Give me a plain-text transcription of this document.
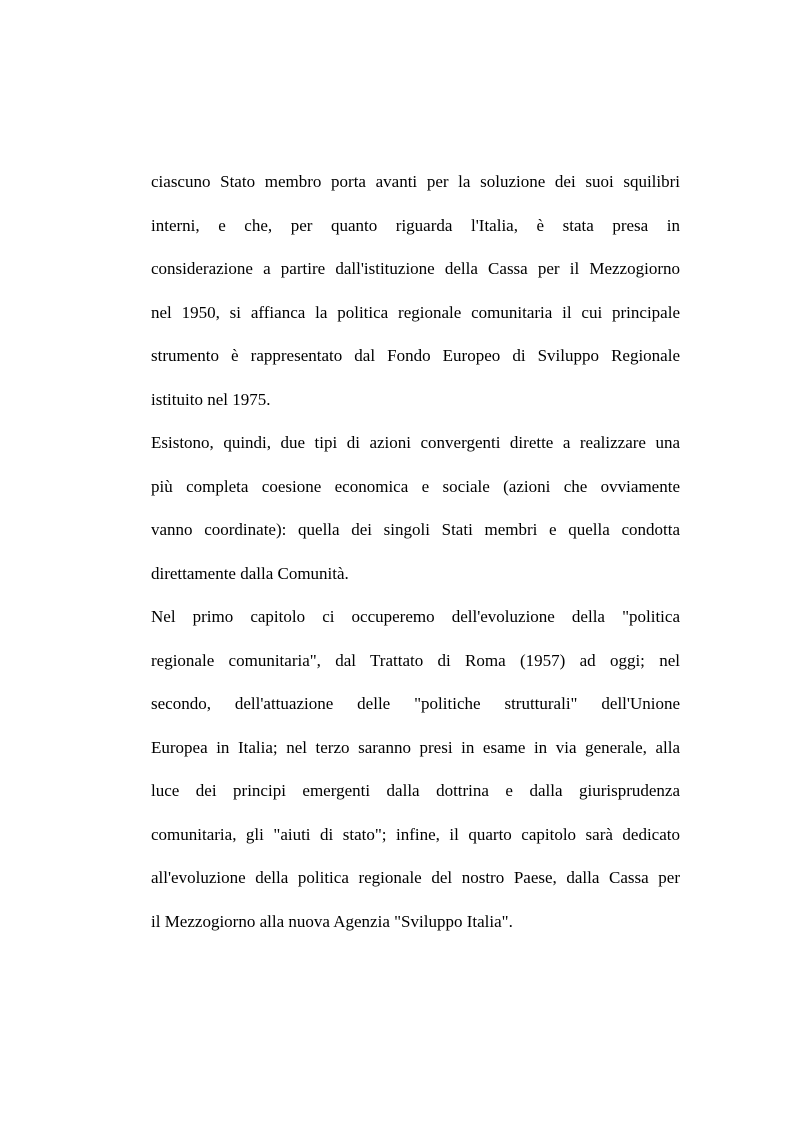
ciascuno Stato membro porta avanti per la soluzione dei suoi squilibri
interni, e che, per quanto riguarda l'Italia, è stata presa in
considerazione a partire dall'istituzione della Cassa per il Mezzogiorno
nel 1950, si affianca la politica regionale comunitaria il cui principale
strumento è rappresentato dal Fondo Europeo di Sviluppo Regionale
istituito nel 1975.
Esistono, quindi, due tipi di azioni convergenti dirette a realizzare una
più completa coesione economica e sociale (azioni che ovviamente
vanno coordinate): quella dei singoli Stati membri e quella condotta
direttamente dalla Comunità.
Nel primo capitolo ci occuperemo dell'evoluzione della "politica
regionale comunitaria", dal Trattato di Roma (1957) ad oggi; nel
secondo, dell'attuazione delle "politiche strutturali" dell'Unione
Europea in Italia; nel terzo saranno presi in esame in via generale, alla
luce dei principi emergenti dalla dottrina e dalla giurisprudenza
comunitaria, gli "aiuti di stato"; infine, il quarto capitolo sarà dedicato
all'evoluzione della politica regionale del nostro Paese, dalla Cassa per
il Mezzogiorno alla nuova Agenzia "Sviluppo Italia".
